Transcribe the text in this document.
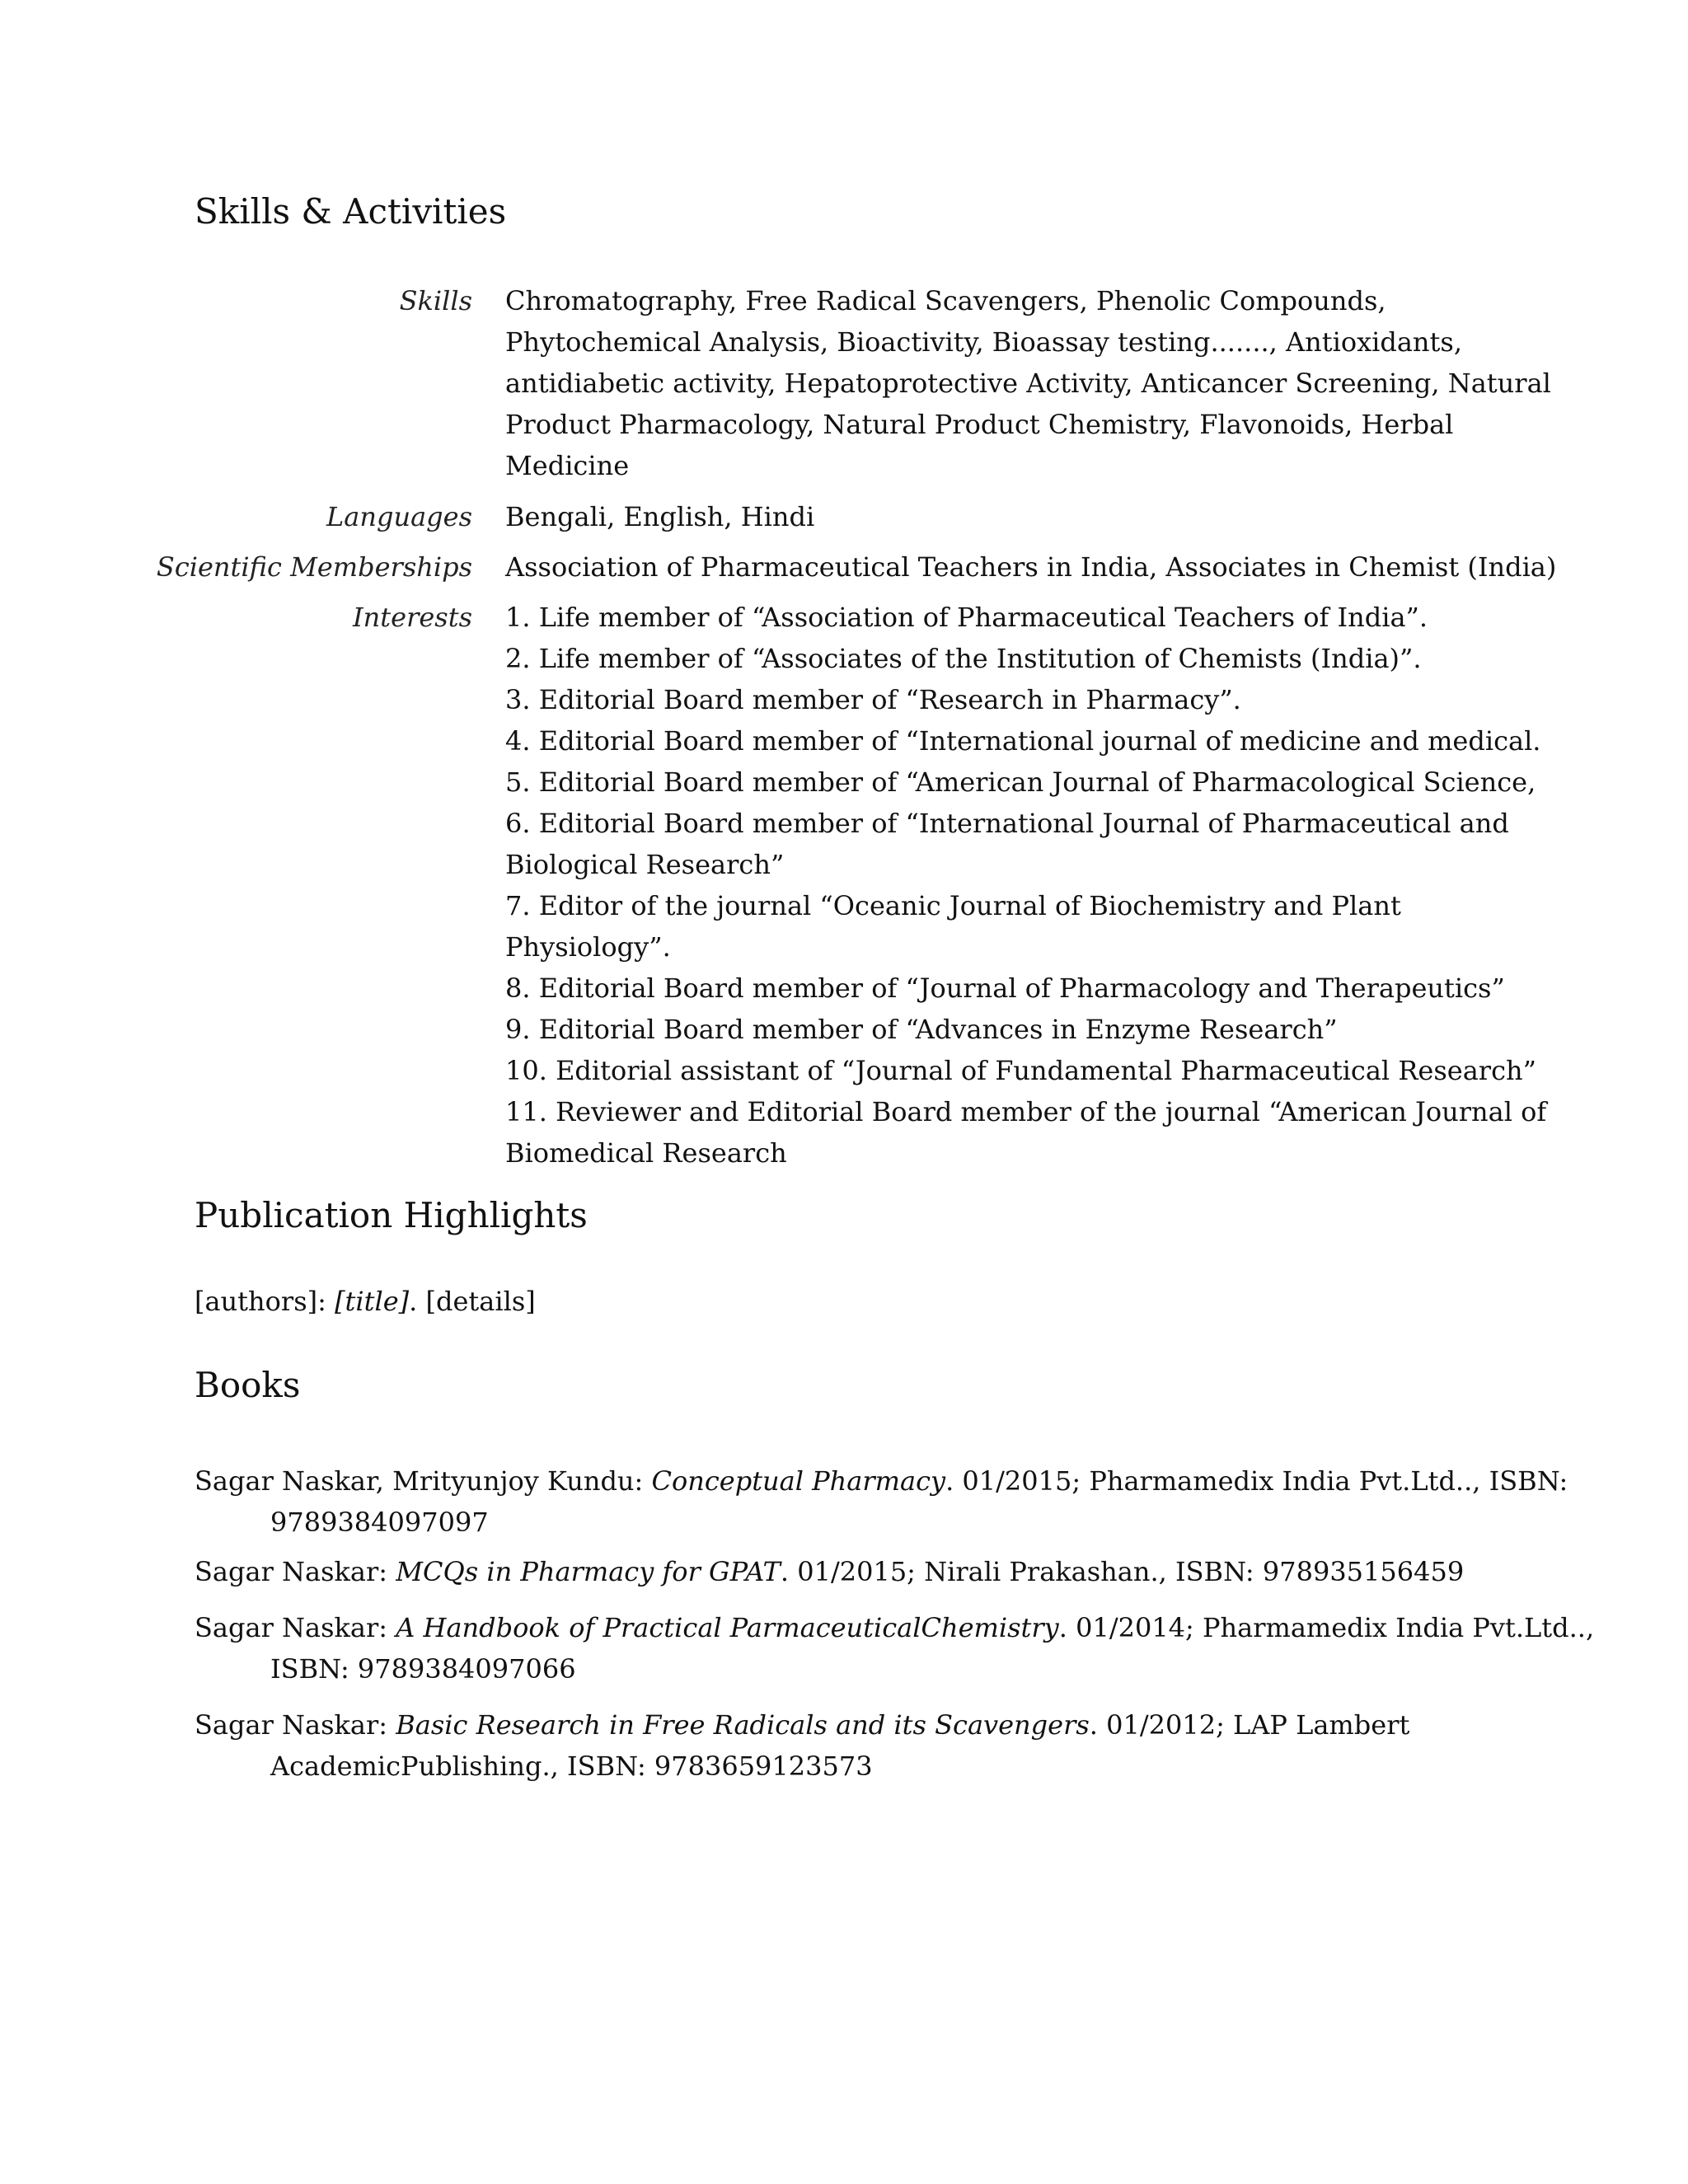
Skills & Activities
Skills Chromatography, Free Radical Scavengers, Phenolic Compounds,
Phytochemical Analysis, Bioactivity, Bioassay testing......., Antioxidants,
antidiabetic activity, Hepatoprotective Activity, Anticancer Screening, Natural
Product Pharmacology, Natural Product Chemistry, Flavonoids, Herbal
Medicine
Languages Bengali, English, Hindi
Scientific Memberships Association of Pharmaceutical Teachers in India, Associates in Chemist (India)
Interests 1. Life member of “Association of Pharmaceutical Teachers of India”.
2. Life member of “Associates of the Institution of Chemists (India)”.
3. Editorial Board member of “Research in Pharmacy”.
4. Editorial Board member of “International journal of medicine and medical.
5. Editorial Board member of “American Journal of Pharmacological Science,
6. Editorial Board member of “International Journal of Pharmaceutical and
Biological Research”
7. Editor of the journal “Oceanic Journal of Biochemistry and Plant
Physiology”.
8. Editorial Board member of “Journal of Pharmacology and Therapeutics”
9. Editorial Board member of “Advances in Enzyme Research”
10. Editorial assistant of “Journal of Fundamental Pharmaceutical Research”
11. Reviewer and Editorial Board member of the journal “American Journal of
Biomedical Research
Publication Highlights
[authors]: [title]. [details]
Books
Sagar Naskar, Mrityunjoy Kundu: Conceptual Pharmacy. 01/2015; Pharmamedix India Pvt.Ltd.., ISBN:
9789384097097
Sagar Naskar: MCQs in Pharmacy for GPAT. 01/2015; Nirali Prakashan., ISBN: 978935156459
Sagar Naskar: A Handbook of Practical ParmaceuticalChemistry. 01/2014; Pharmamedix India Pvt.Ltd..,
ISBN: 9789384097066
Sagar Naskar: Basic Research in Free Radicals and its Scavengers. 01/2012; LAP Lambert
AcademicPublishing., ISBN: 9783659123573
